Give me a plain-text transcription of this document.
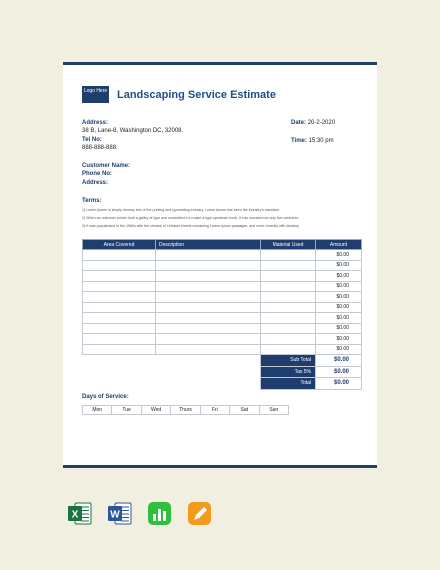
Logo Here Landscaping Service Estimate
Address:
38 B, Lane-8, Washington DC, 32008.
Tel No:
888-888-888.
Date: 20-2-2020
Time: 15:30 pm
Customer Name:
Phone No:
Address:
Terms:
1) Lorem Ipsum is simply dummy text of the printing and typesetting industry. Lorem Ipsum has been the industry's standard
2) When an unknown printer took a galley of type and scrambled it to make a type specimen book. It has survived not only five centuries.
3) It was popularised in the 1960s with the release of Letraset sheets containing Lorem Ipsum passages, and more recently with desktop
Area Covered	Description	Material Used	Amount
			$0.00
			$0.00
			$0.00
			$0.00
			$0.00
			$0.00
			$0.00
			$0.00
			$0.00
			$0.00
		Sub Total	$0.00
		Tax 5%	$0.00
		Total	$0.00
Days of Service:
Mon	Tue	Wed	Thurs	Fri	Sat	Sun
X	W
